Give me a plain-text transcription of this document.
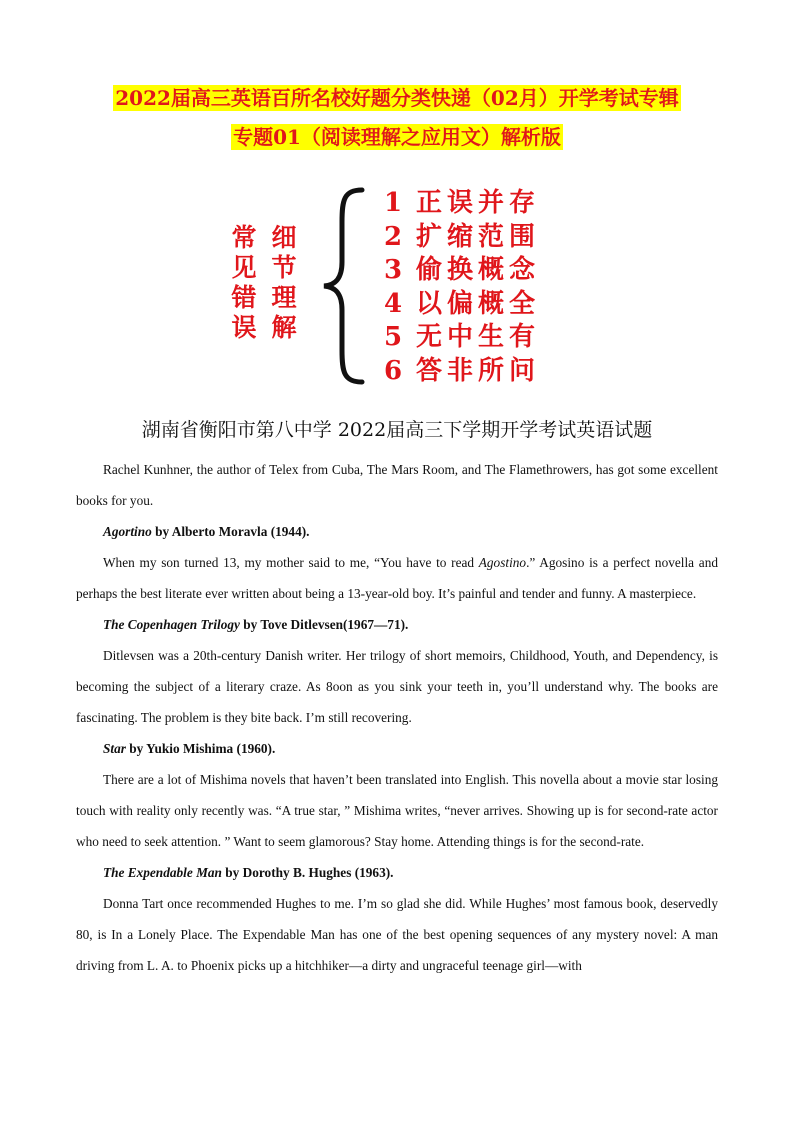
2022届高三英语百所名校好题分类快递（02月）开学考试专辑
专题01（阅读理解之应用文）解析版
常
见
错
误
细
节
理
解
1 正误并存
2 扩缩范围
3 偷换概念
4 以偏概全
5 无中生有
6 答非所问
湖南省衡阳市第八中学 2022届高三下学期开学考试英语试题

Rachel Kunhner, the author of Telex from Cuba, The Mars Room, and The Flamethrowers, has got some excellent books for you.

Agortino by Alberto Moravla (1944).

When my son turned 13, my mother said to me, “You have to read Agostino.” Agosino is a perfect novella and perhaps the best literate ever written about being a 13-year-old boy. It’s painful and tender and funny. A masterpiece.

The Copenhagen Trilogy by Tove Ditlevsen(1967—71).

Ditlevsen was a 20th-century Danish writer. Her trilogy of short memoirs, Childhood, Youth, and Dependency, is becoming the subject of a literary craze. As 8oon as you sink your teeth in, you’ll understand why. The books are fascinating. The problem is they bite back. I’m still recovering.

Star by Yukio Mishima (1960).

There are a lot of Mishima novels that haven’t been translated into English. This novella about a movie star losing touch with reality only recently was. “A true star, ” Mishima writes, “never arrives. Showing up is for second-rate actor who need to seek attention. ” Want to seem glamorous? Stay home. Attending things is for the second-rate.

The Expendable Man by Dorothy B. Hughes (1963).

Donna Tart once recommended Hughes to me. I’m so glad she did. While Hughes’ most famous book, deservedly 80, is In a Lonely Place. The Expendable Man has one of the best opening sequences of any mystery novel: A man driving from L. A. to Phoenix picks up a hitchhiker—a dirty and ungraceful teenage girl—with
